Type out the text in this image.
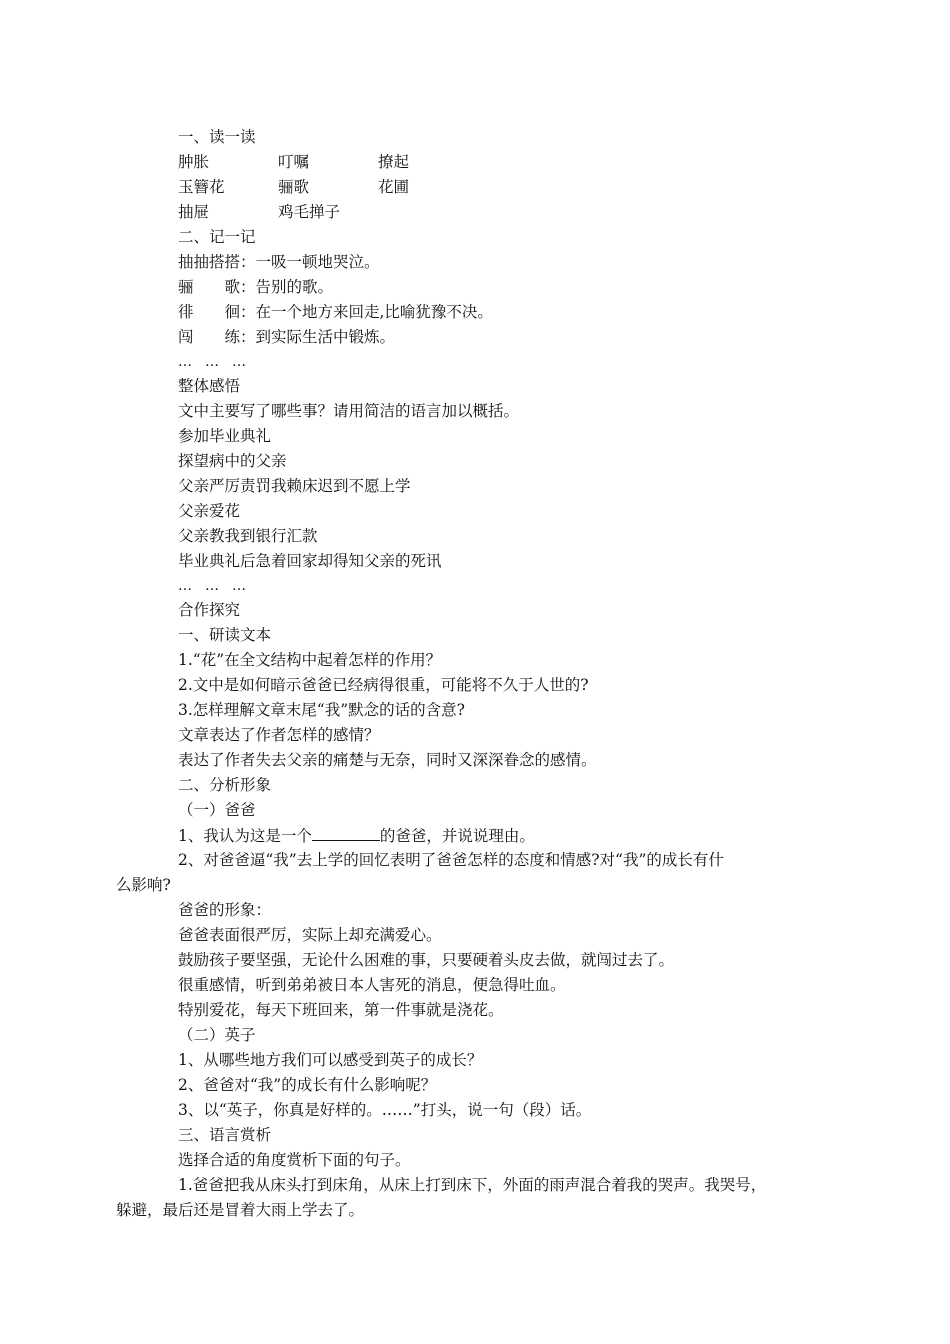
一、读一读

肿胀	叮嘱	撩起
玉簪花	骊歌	花圃
抽屉	鸡毛掸子

二、记一记

抽抽搭搭：一吸一顿地哭泣。

骊　　歌：告别的歌。

徘　　徊：在一个地方来回走,比喻犹豫不决。

闯　　练：到实际生活中锻炼。

… … …

整体感悟

文中主要写了哪些事？请用简洁的语言加以概括。

参加毕业典礼

探望病中的父亲

父亲严厉责罚我赖床迟到不愿上学

父亲爱花

父亲教我到银行汇款

毕业典礼后急着回家却得知父亲的死讯

… … …

合作探究

一、研读文本

1.“花”在全文结构中起着怎样的作用？

2.文中是如何暗示爸爸已经病得很重，可能将不久于人世的?

3.怎样理解文章末尾“我”默念的话的含意?

文章表达了作者怎样的感情？

表达了作者失去父亲的痛楚与无奈，同时又深深眷念的感情。

二、分析形象

（一）爸爸

1、我认为这是一个	的爸爸，并说说理由。

2、对爸爸逼“我”去上学的回忆表明了爸爸怎样的态度和情感?对“我”的成长有什

么影响?

爸爸的形象：

爸爸表面很严厉，实际上却充满爱心。

鼓励孩子要坚强，无论什么困难的事，只要硬着头皮去做，就闯过去了。

很重感情，听到弟弟被日本人害死的消息，便急得吐血。

特别爱花，每天下班回来，第一件事就是浇花。

（二）英子

1、从哪些地方我们可以感受到英子的成长？

2、爸爸对“我”的成长有什么影响呢？

3、以“英子，你真是好样的。……”打头，说一句（段）话。

三、语言赏析

选择合适的角度赏析下面的句子。

1.爸爸把我从床头打到床角，从床上打到床下，外面的雨声混合着我的哭声。我哭号，

躲避，最后还是冒着大雨上学去了。
